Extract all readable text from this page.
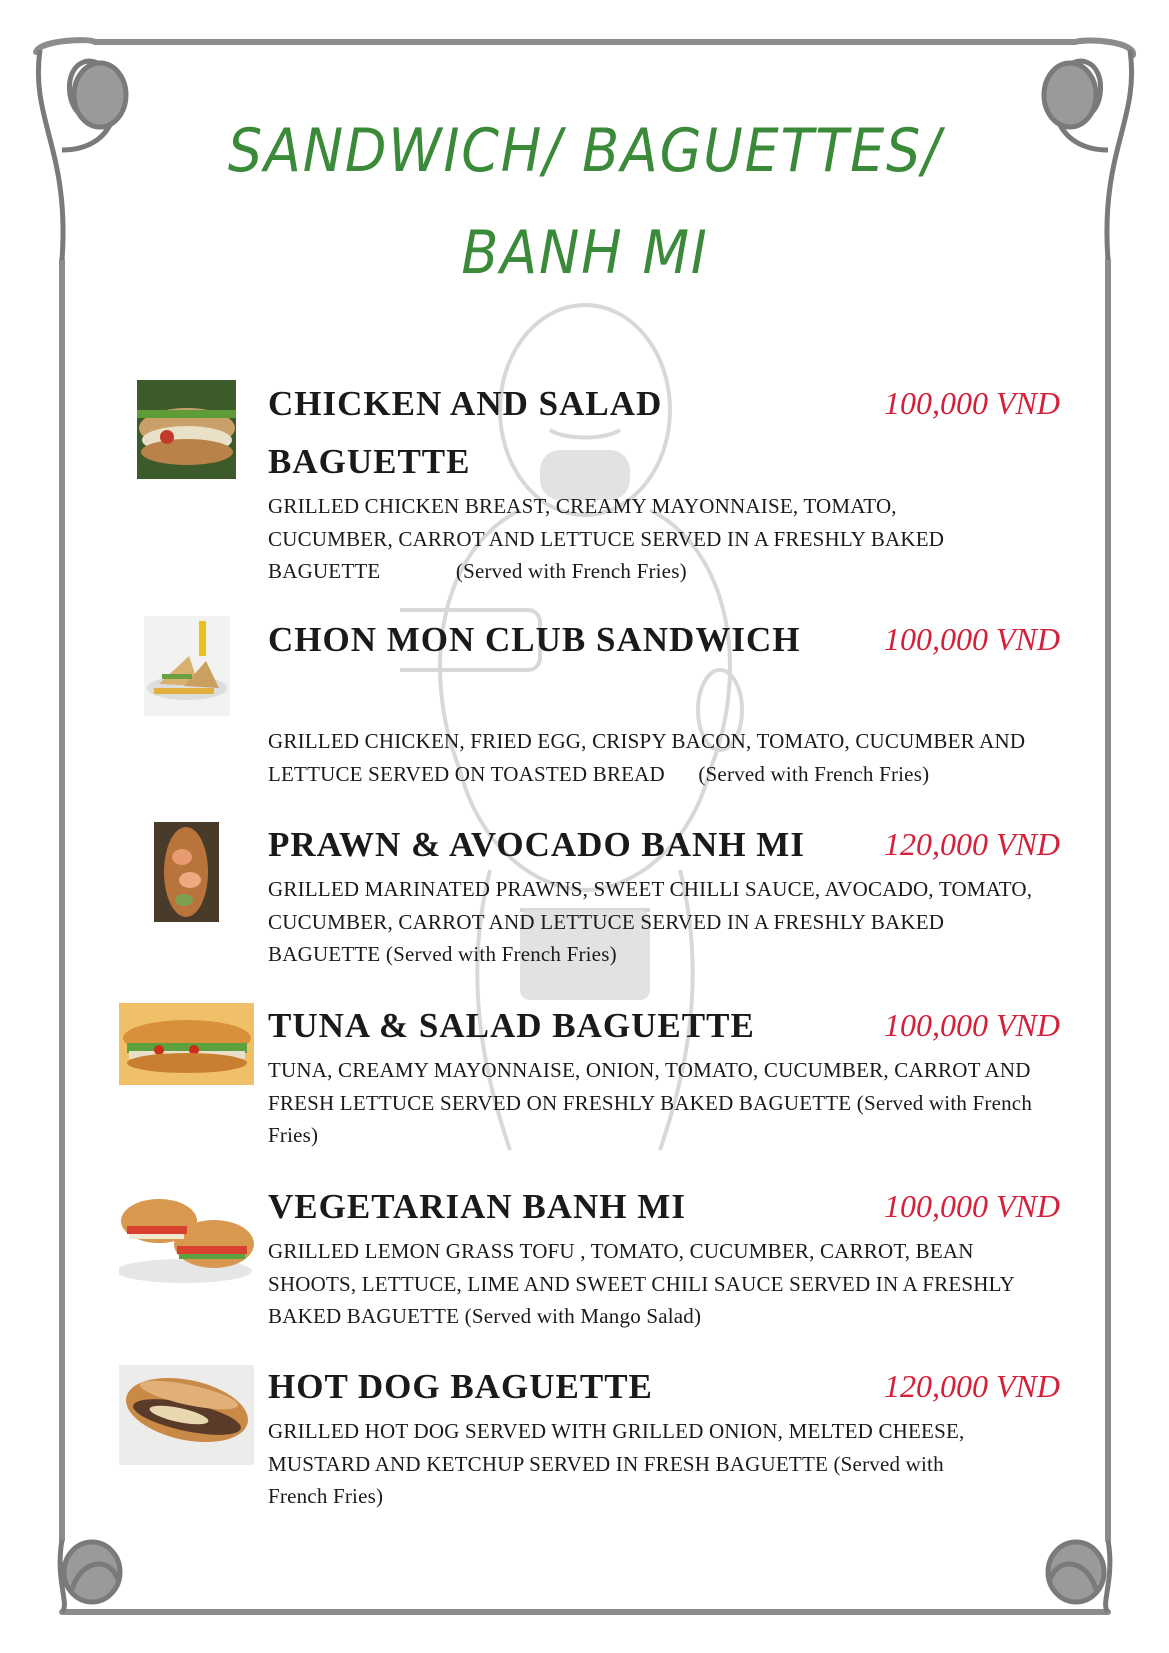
SANDWICH/ BAGUETTES/
BANH MI
CHICKEN AND SALAD BAGUETTE
100,000 VND
GRILLED CHICKEN BREAST, CREAMY MAYONNAISE, TOMATO, CUCUMBER, CARROT AND LETTUCE SERVED IN A FRESHLY BAKED BAGUETTE	(Served with French Fries)
CHON MON CLUB SANDWICH	100,000 VND
GRILLED CHICKEN, FRIED EGG, CRISPY BACON, TOMATO, CUCUMBER AND LETTUCE SERVED ON TOASTED BREAD (Served with French Fries)
PRAWN & AVOCADO BANH MI	120,000 VND
GRILLED MARINATED PRAWNS, SWEET CHILLI SAUCE, AVOCADO, TOMATO, CUCUMBER, CARROT AND LETTUCE SERVED IN A FRESHLY BAKED BAGUETTE (Served with French Fries)
TUNA & SALAD BAGUETTE	100,000 VND
TUNA, CREAMY MAYONNAISE, ONION, TOMATO, CUCUMBER, CARROT AND FRESH LETTUCE SERVED ON FRESHLY BAKED BAGUETTE (Served with French Fries)
VEGETARIAN BANH MI	100,000 VND
GRILLED LEMON GRASS TOFU , TOMATO, CUCUMBER, CARROT, BEAN SHOOTS, LETTUCE, LIME AND SWEET CHILI SAUCE SERVED IN A FRESHLY BAKED BAGUETTE (Served with Mango Salad)
HOT DOG BAGUETTE	120,000 VND
GRILLED HOT DOG SERVED WITH GRILLED ONION, MELTED CHEESE, MUSTARD AND KETCHUP SERVED IN FRESH BAGUETTE (Served with French Fries)
